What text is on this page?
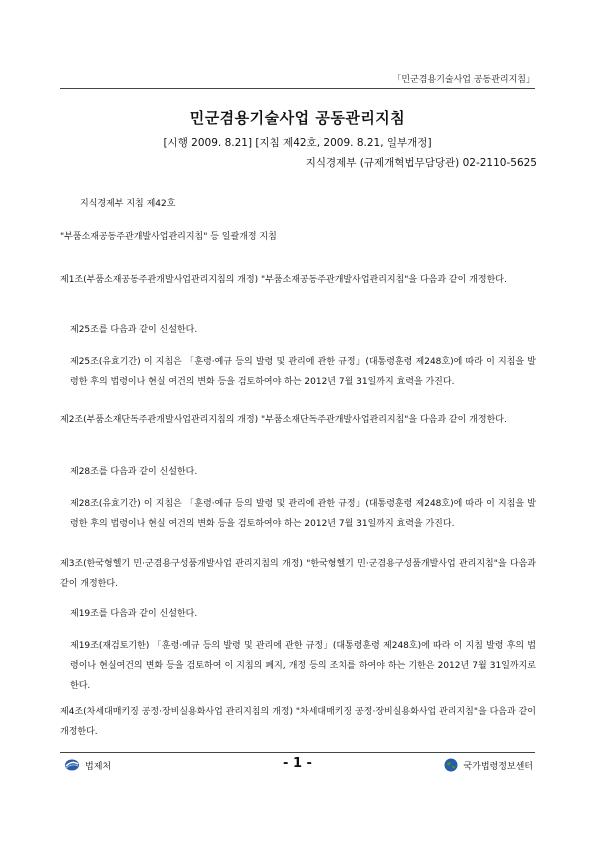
「민군겸용기술사업 공동관리지침」
민군겸용기술사업 공동관리지침
[시행 2009. 8.21] [지침 제42호, 2009. 8.21, 일부개정]
지식경제부 (규제개혁법무담당관) 02-2110-5625

지식경제부 지침 제42호

"부품소재공동주관개발사업관리지침" 등 일괄개정 지침

제1조(부품소재공동주관개발사업관리지침의 개정) "부품소재공동주관개발사업관리지침"을 다음과 같이 개정한다.

제25조를 다음과 같이 신설한다.

제25조(유효기간) 이 지침은 「훈령·예규 등의 발령 및 관리에 관한 규정」(대통령훈령 제248호)에 따라 이 지침을 발령한 후의 법령이나 현실 여건의 변화 등을 검토하여야 하는 2012년 7월 31일까지 효력을 가진다.

제2조(부품소재단독주관개발사업관리지침의 개정) "부품소재단독주관개발사업관리지침"을 다음과 같이 개정한다.

제28조를 다음과 같이 신설한다.

제28조(유효기간) 이 지침은 「훈령·예규 등의 발령 및 관리에 관한 규정」(대통령훈령 제248호)에 따라 이 지침을 발령한 후의 법령이나 현실 여건의 변화 등을 검토하여야 하는 2012년 7월 31일까지 효력을 가진다.

제3조(한국형헬기 민·군겸용구성품개발사업 관리지침의 개정) "한국형헬기 민·군겸용구성품개발사업 관리지침"을 다음과 같이 개정한다.

제19조를 다음과 같이 신설한다.

제19조(재검토기한) 「훈령·예규 등의 발령 및 관리에 관한 규정」(대통령훈령 제248호)에 따라 이 지침 발령 후의 법령이나 현실여건의 변화 등을 검토하여 이 지침의 폐지, 개정 등의 조치를 하여야 하는 기한은 2012년 7월 31일까지로 한다.

제4조(차세대매키징 공정·장비실용화사업 관리지침의 개정) "차세대매키징 공정·장비실용화사업 관리지침"을 다음과 같이 개정한다.

법제처	- 1 -	국가법령정보센터
